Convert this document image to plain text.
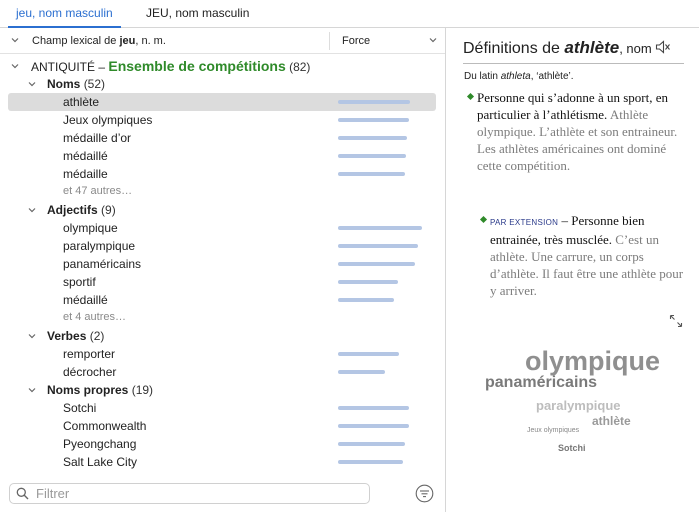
jeu, nom masculin	JEU, nom masculin
Champ lexical de jeu, n. m.	Force
ANTIQUITÉ – Ensemble de compétitions (82)
Noms (52)
athlète
Jeux olympiques
médaille d’or
médaillé
médaille
et 47 autres…
Adjectifs (9)
olympique
paralympique
panaméricains
sportif
médaillé
et 4 autres…
Verbes (2)
remporter
décrocher
Noms propres (19)
Sotchi
Commonwealth
Pyeongchang
Salt Lake City
Filtrer
Définitions de athlète, nom
Du latin athleta, ‘athlète’.
Personne qui s’adonne à un sport, en particulier à l’athlétisme. Athlète olympique. L’athlète et son entraineur. Les athlètes américaines ont dominé cette compétition.
PAR EXTENSION – Personne bien entrainée, très musclée. C’est un athlète. Une carrure, un corps d’athlète. Il faut être une athlète pour y arriver.
olympique
panaméricains
paralympique
athlète
Jeux olympiques
Sotchi
